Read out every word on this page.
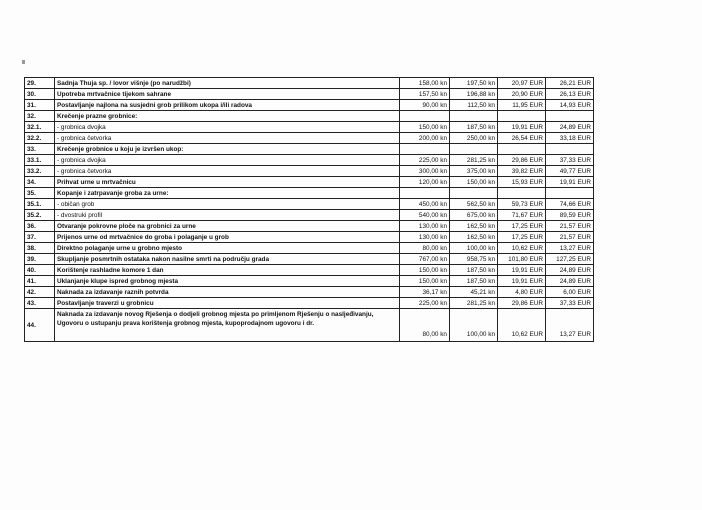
29.	Sadnja Thuja sp. / lovor višnje (po narudžbi)	158,00 kn	197,50 kn	20,97 EUR	26,21 EUR
30.	Upotreba mrtvačnice tijekom sahrane	157,50 kn	196,88 kn	20,90 EUR	26,13 EUR
31.	Postavljanje najlona na susjedni grob prilikom ukopa i/ili radova	90,00 kn	112,50 kn	11,95 EUR	14,93 EUR
32.	Krečenje prazne grobnice:				
32.1.	- grobnica dvojka	150,00 kn	187,50 kn	19,91 EUR	24,89 EUR
32.2.	- grobnica četvorka	200,00 kn	250,00 kn	26,54 EUR	33,18 EUR
33.	Krečenje grobnice u koju je izvršen ukop:				
33.1.	- grobnica dvojka	225,00 kn	281,25 kn	29,86 EUR	37,33 EUR
33.2.	- grobnica četvorka	300,00 kn	375,00 kn	39,82 EUR	49,77 EUR
34.	Prihvat urne u mrtvačnicu	120,00 kn	150,00 kn	15,93 EUR	19,91 EUR
35.	Kopanje i zatrpavanje groba za urne:				
35.1.	- običan grob	450,00 kn	562,50 kn	59,73 EUR	74,66 EUR
35.2.	- dvostruki profil	540,00 kn	675,00 kn	71,67 EUR	89,59 EUR
36.	Otvaranje pokrovne ploče na grobnici za urne	130,00 kn	162,50 kn	17,25 EUR	21,57 EUR
37.	Prijenos urne od mrtvačnice do groba i polaganje u grob	130,00 kn	162,50 kn	17,25 EUR	21,57 EUR
38.	Direktno polaganje urne u grobno mjesto	80,00 kn	100,00 kn	10,62 EUR	13,27 EUR
39.	Skupljanje posmrtnih ostataka nakon nasilne smrti na području grada	767,00 kn	958,75 kn	101,80 EUR	127,25 EUR
40.	Korištenje rashladne komore 1 dan	150,00 kn	187,50 kn	19,91 EUR	24,89 EUR
41.	Uklanjanje klupe ispred grobnog mjesta	150,00 kn	187,50 kn	19,91 EUR	24,89 EUR
42.	Naknada za izdavanje raznih potvrda	36,17 kn	45,21 kn	4,80 EUR	6,00 EUR
43.	Postavljanje traverzi u grobnicu	225,00 kn	281,25 kn	29,86 EUR	37,33 EUR
44.	Naknada za izdavanje novog Rješenja o dodjeli grobnog mjesta po primljenom Rješenju o nasljeđivanju, Ugovoru o ustupanju prava korištenja grobnog mjesta, kupoprodajnom ugovoru i dr.	80,00 kn	100,00 kn	10,62 EUR	13,27 EUR
